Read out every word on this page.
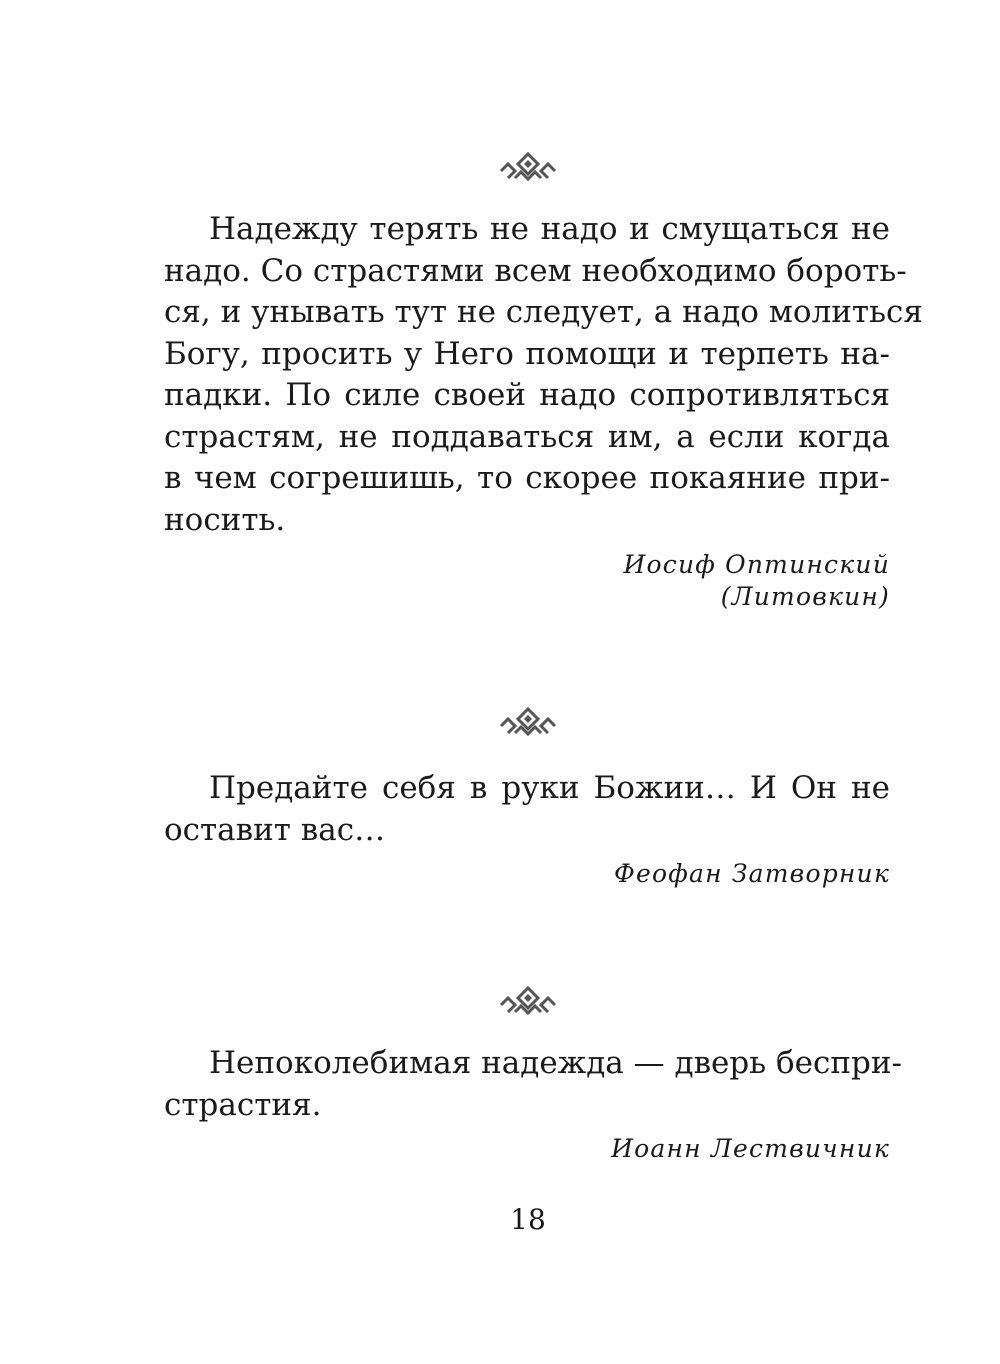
Надежду терять не надо и смущаться не
надо. Со страстями всем необходимо бороть-
ся, и унывать тут не следует, а надо молиться
Богу, просить у Него помощи и терпеть на-
падки. По силе своей надо сопротивляться
страстям, не поддаваться им, а если когда
в чем согрешишь, то скорее покаяние при-
носить.

Иосиф Оптинский
(Литовкин)

Предайте себя в руки Божии… И Он не
оставит вас…

Феофан Затворник

Непоколебимая надежда — дверь беспри-
страстия.

Иоанн Лествичник

18
